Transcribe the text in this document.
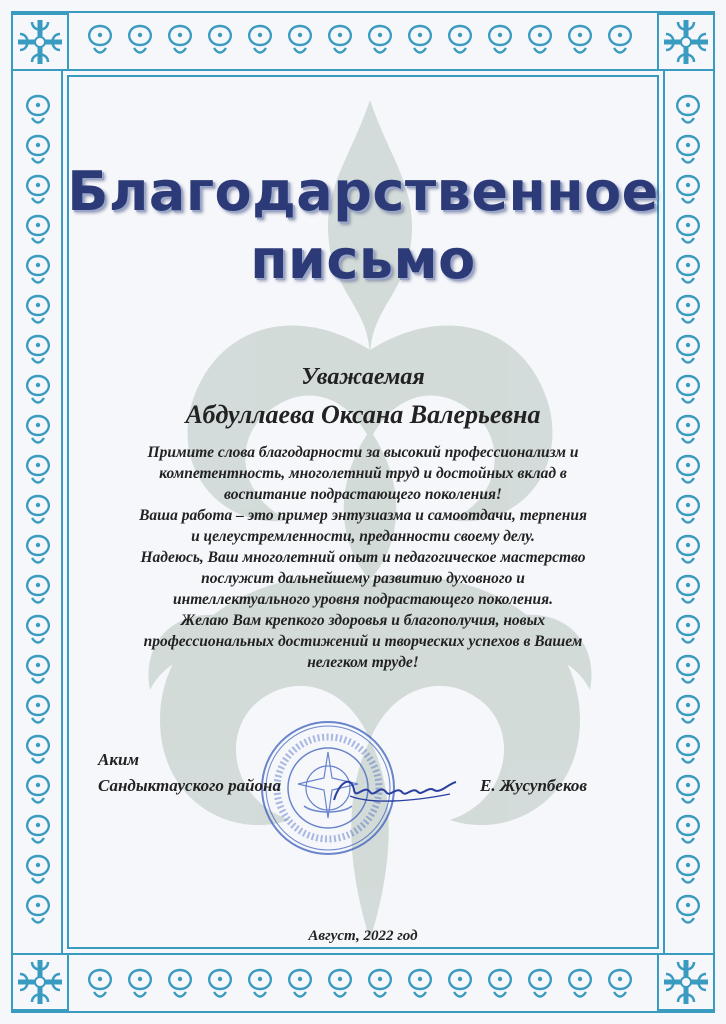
Благодарственное
письмо
Уважаемая
Абдуллаева Оксана Валерьевна
Примите слова благодарности за высокий профессионализм и
компетентность, многолетний труд и достойных вклад в
воспитание подрастающего поколения!
Ваша работа – это пример энтузиазма и самоотдачи, терпения
и целеустремленности, преданности своему делу.
Надеюсь, Ваш многолетний опыт и педагогическое мастерство
послужит дальнейшему развитию духовного и
интеллектуального уровня подрастающего поколения.
Желаю Вам крепкого здоровья и благополучия, новых
профессиональных достижений и творческих успехов в Вашем
нелегком труде!
Аким
Сандыктауского района	Е. Жусупбеков
Август, 2022 год
